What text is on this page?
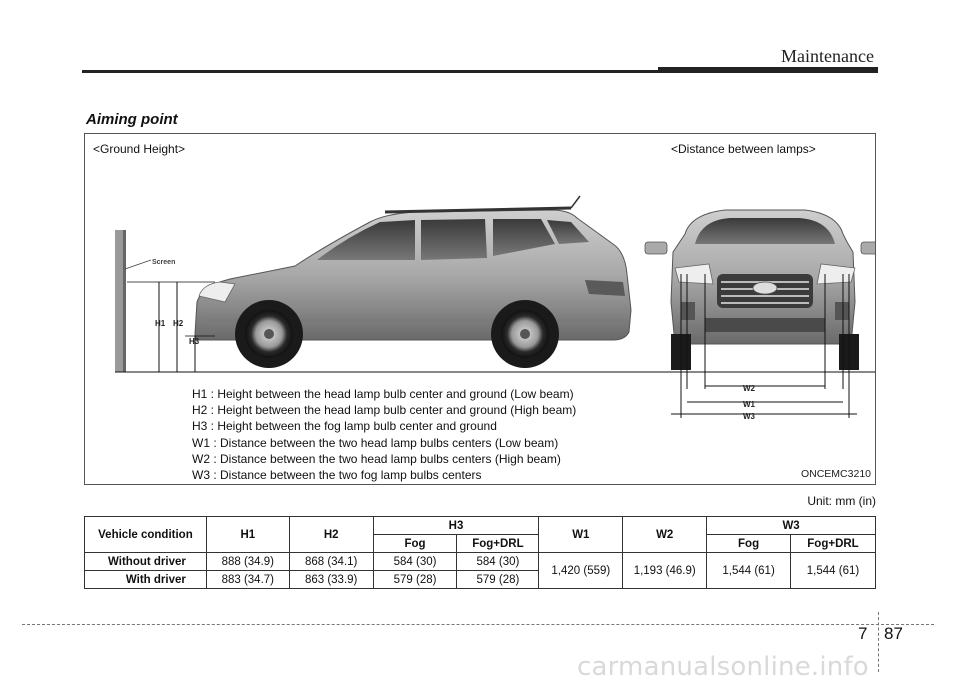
Maintenance
Aiming point
<Ground Height>	<Distance between lamps>
Screen
H1 H2
H3
W2
W1
W3
H1 : Height between the head lamp bulb center and ground (Low beam)
H2 : Height between the head lamp bulb center and ground (High beam)
H3 : Height between the fog lamp bulb center and ground
W1 : Distance between the two head lamp bulbs centers (Low beam)
W2 : Distance between the two head lamp bulbs centers (High beam)
W3 : Distance between the two fog lamp bulbs centers	ONCEMC3210
Unit: mm (in)
Vehicle condition	H1	H2	H3		W1	W2	W3	
			Fog	Fog+DRL			Fog	Fog+DRL
Without driver	888 (34.9)	868 (34.1)	584 (30)	584 (30)	1,420 (559)	1,193 (46.9)	1,544 (61)	1,544 (61)
With driver	883 (34.7)	863 (33.9)	579 (28)	579 (28)				
7 87
carmanualsonline.info
